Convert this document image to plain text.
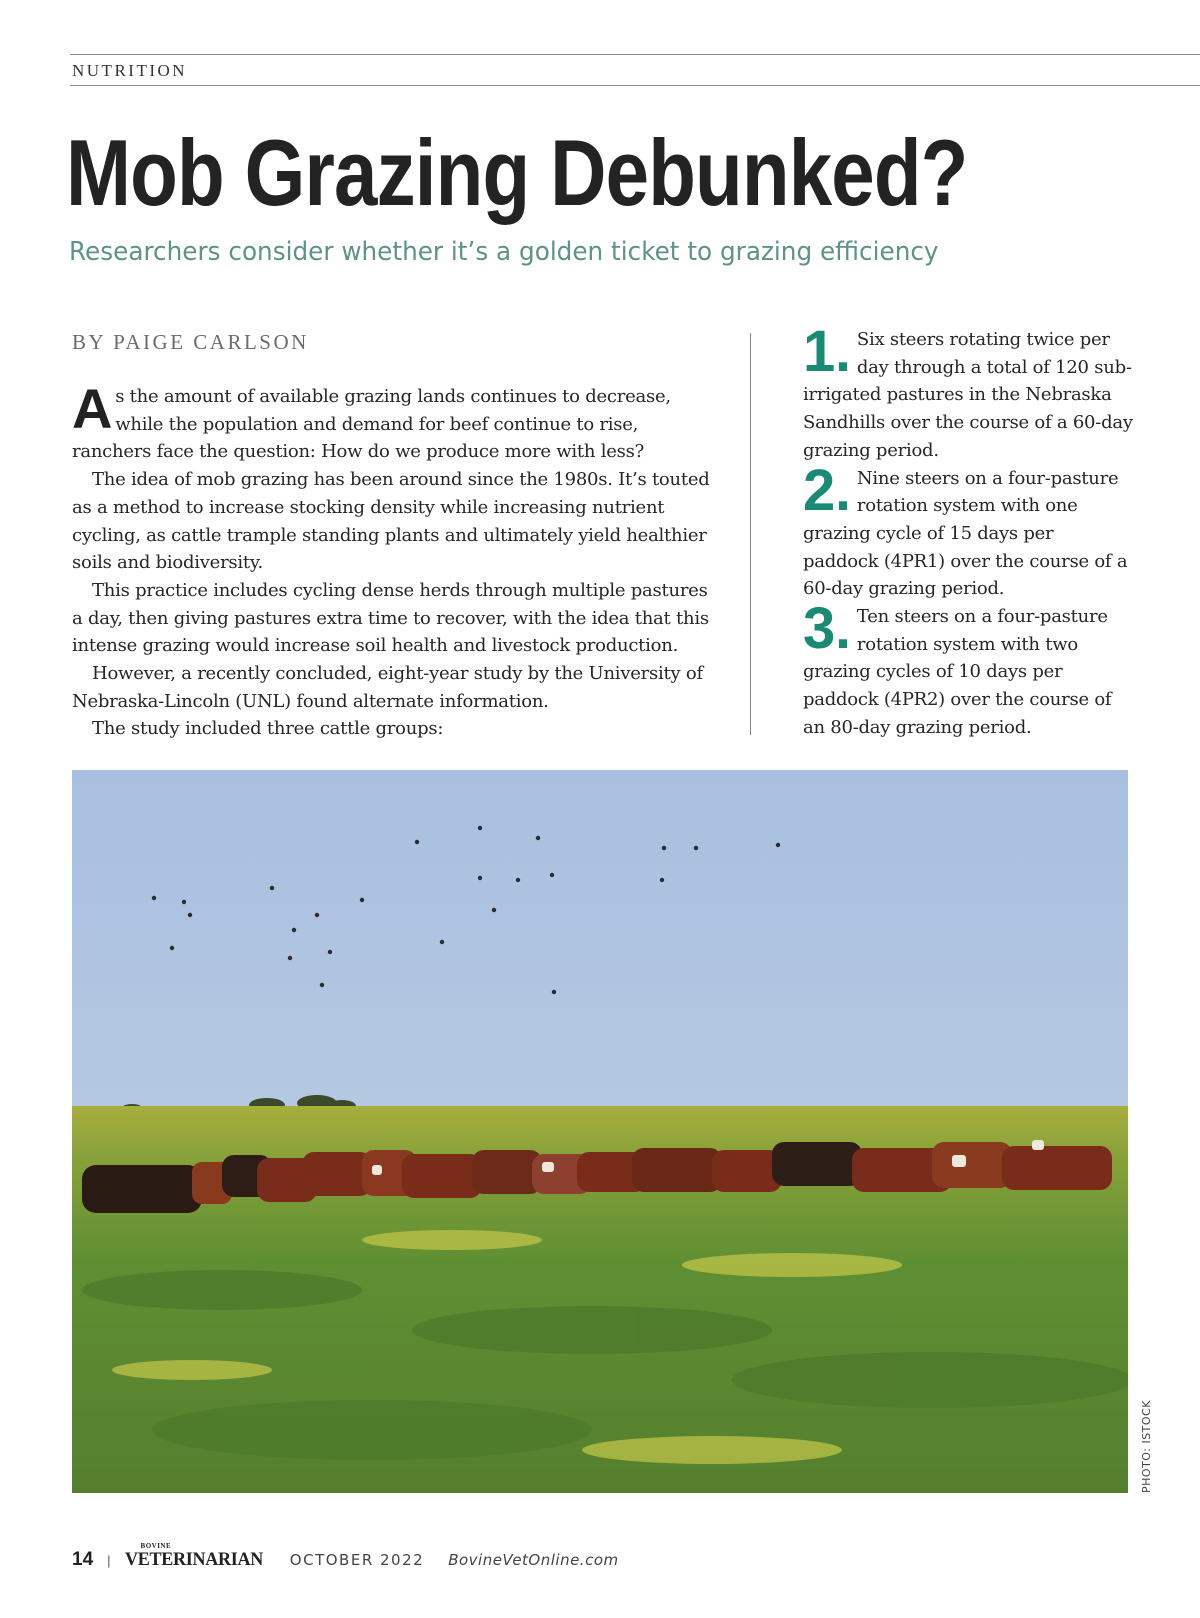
NUTRITION
Mob Grazing Debunked?
Researchers consider whether it’s a golden ticket to grazing efficiency
BY PAIGE CARLSON

As the amount of available grazing lands continues to decrease, while the population and demand for beef continue to rise, ranchers face the question: How do we produce more with less?

The idea of mob grazing has been around since the 1980s. It’s touted as a method to increase stocking density while increasing nutrient cycling, as cattle trample standing plants and ultimately yield healthier soils and biodiversity.

This practice includes cycling dense herds through multiple pastures a day, then giving pastures extra time to recover, with the idea that this intense grazing would increase soil health and livestock production.

However, a recently concluded, eight-year study by the University of Nebraska-Lincoln (UNL) found alternate information.

The study included three cattle groups:

1. Six steers rotating twice per day through a total of 120 sub-irrigated pastures in the Nebraska Sandhills over the course of a 60-day grazing period.

2. Nine steers on a four-pasture rotation system with one grazing cycle of 15 days per paddock (4PR1) over the course of a 60-day grazing period.

3. Ten steers on a four-pasture rotation system with two grazing cycles of 10 days per paddock (4PR2) over the course of an 80-day grazing period.

PHOTO: ISTOCK
14 |
BOVINE
VETERINARIAN	OCTOBER 2022 BovineVetOnline.com
